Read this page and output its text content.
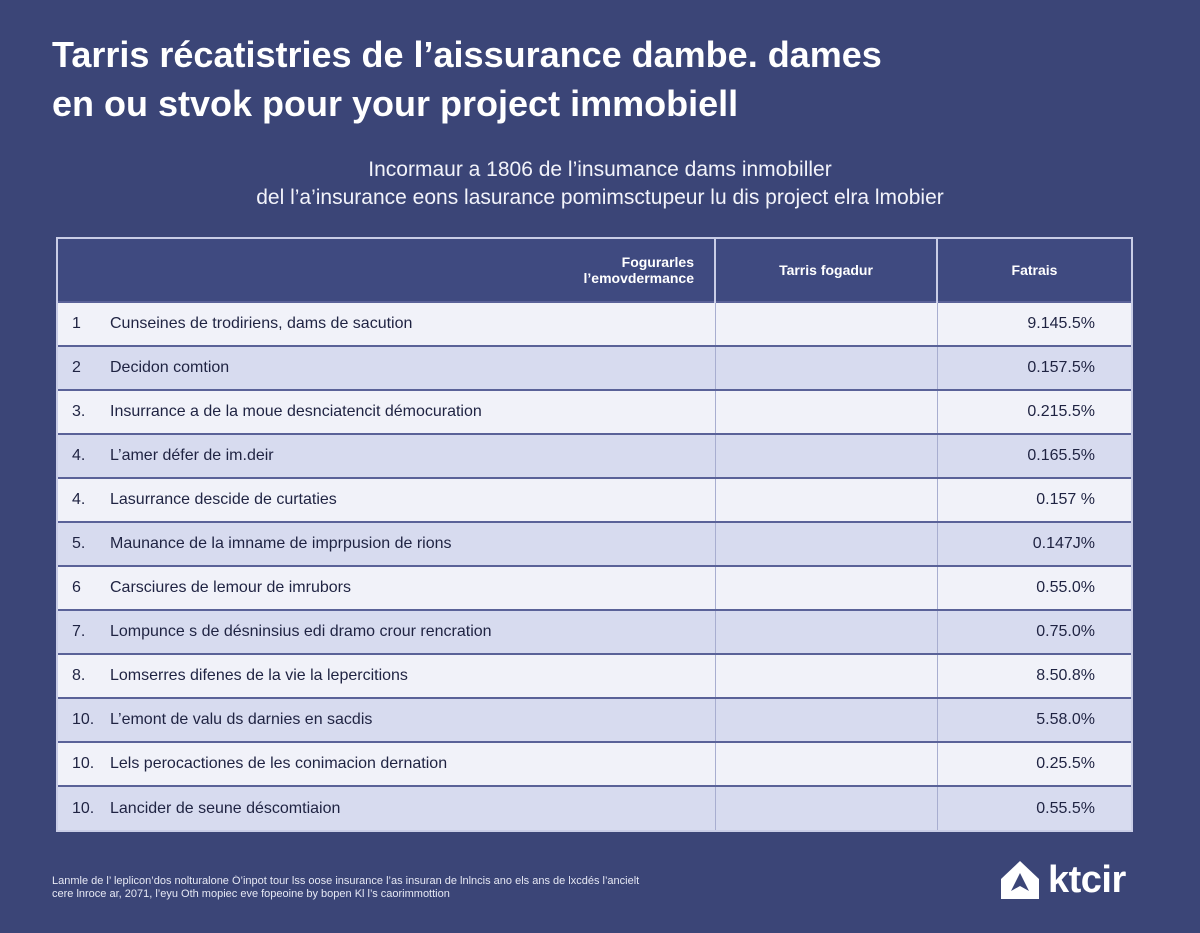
Tarris récatistries de l’aissurance dambe. dames
en ou stvok pour your project immobiell
Incormaur a 1806 de l’insumance dams inmobiller
del l’a’insurance eons lasurance pomimsctupeur lu dis project elra lmobier
Fogurarles
l’emovdermance	Tarris fogadur	Fatrais
1 Cunseines de trodiriens, dams de sacution		9.145.5%
2 Decidon comtion		0.157.5%
3. Insurrance a de la moue desnciatencit démocuration		0.215.5%
4. L’amer défer de im.deir		0.165.5%
4. Lasurrance descide de curtaties		0.157 %
5. Maunance de la imname de imprpusion de rions		0.147J%
6 Carsciures de lemour de imrubors		0.55.0%
7. Lompunce s de désninsius edi dramo crour rencration		0.75.0%
8. Lomserres difenes de la vie la lepercitions		8.50.8%
10. L’emont de valu ds darnies en sacdis		5.58.0%
10. Lels perocactiones de les conimacion dernation		0.25.5%
10. Lancider de seune déscomtiaion		0.55.5%
Lanmle de l’ leplicon’dos nolturalone Ó’inpot tour lss oose insurance l’as insuran de lnlncis ano els ans de lxcdés l’ancielt
cere lnroce ar, 2071, l’eyu Oth mopiec eve fopeoine by bopen Kl l’s caorimmottion	ktcir
